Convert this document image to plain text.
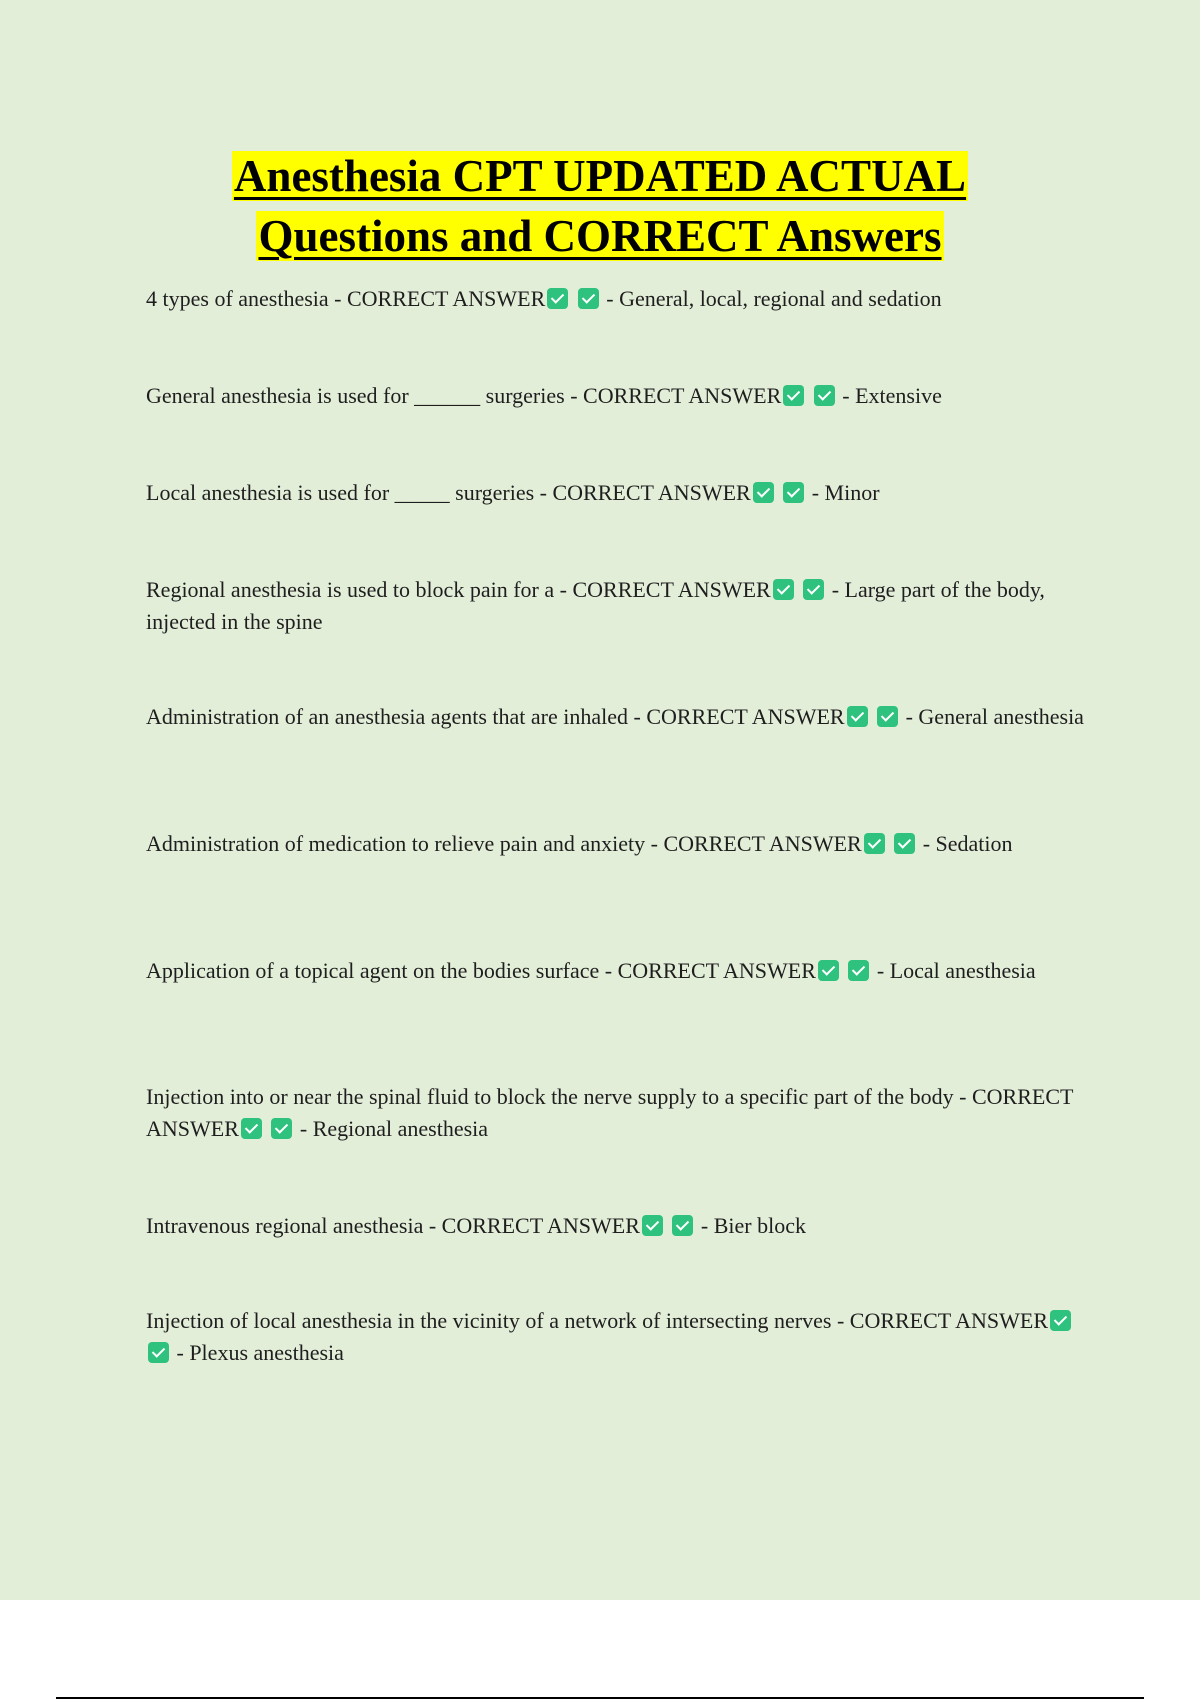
Anesthesia CPT UPDATED ACTUAL
Questions and CORRECT Answers

4 types of anesthesia - CORRECT ANSWER	- General, local, regional and sedation

General anesthesia is used for ______ surgeries - CORRECT ANSWER	- Extensive

Local anesthesia is used for _____ surgeries - CORRECT ANSWER	- Minor

Regional anesthesia is used to block pain for a - CORRECT ANSWER	- Large part of the body, injected in the spine

Administration of an anesthesia agents that are inhaled - CORRECT ANSWER	- General anesthesia

Administration of medication to relieve pain and anxiety - CORRECT ANSWER	- Sedation

Application of a topical agent on the bodies surface - CORRECT ANSWER	- Local anesthesia

Injection into or near the spinal fluid to block the nerve supply to a specific part of the body - CORRECT ANSWER	- Regional anesthesia

Intravenous regional anesthesia - CORRECT ANSWER	- Bier block

Injection of local anesthesia in the vicinity of a network of intersecting nerves - CORRECT ANSWER  - Plexus anesthesia
